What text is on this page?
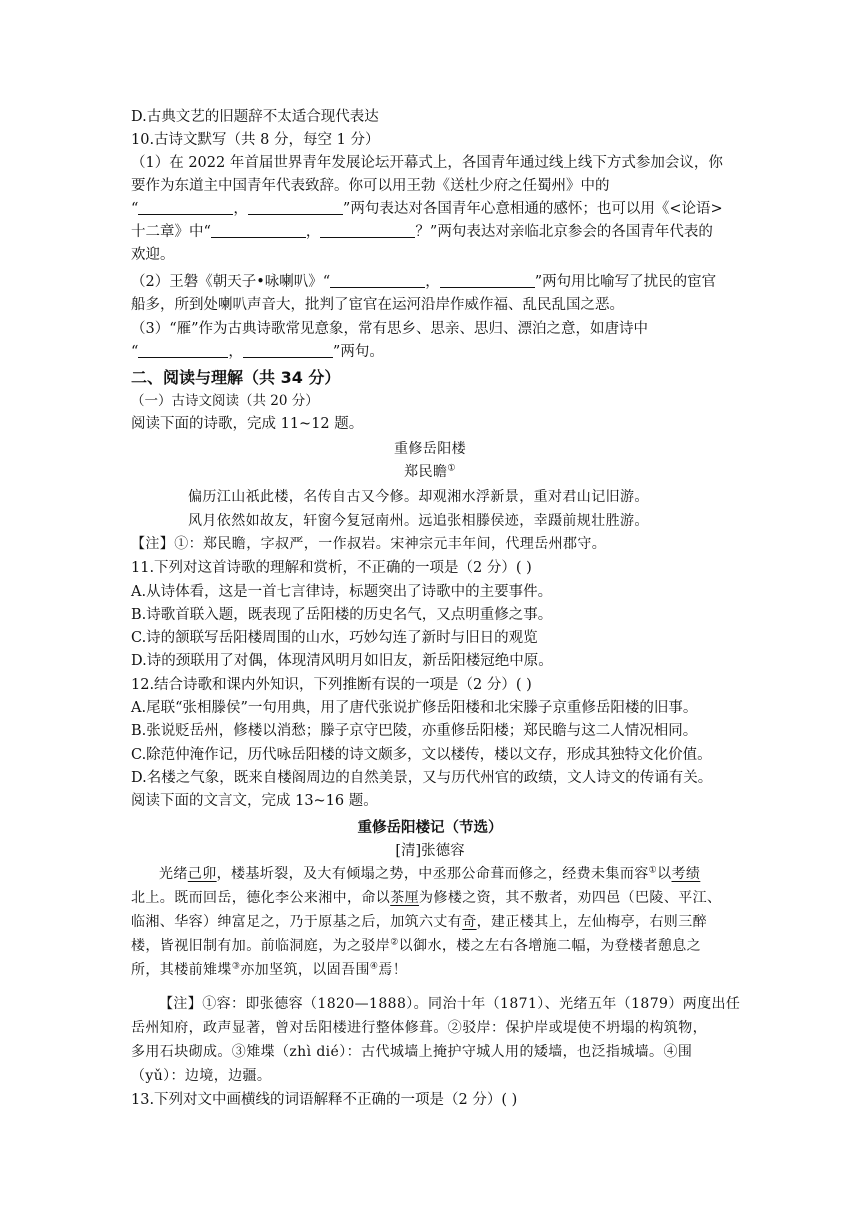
D.古典文艺的旧题辞不太适合现代表达
10.古诗文默写（共 8 分，每空 1 分）
（1）在 2022 年首届世界青年发展论坛开幕式上，各国青年通过线上线下方式参加会议，你
要作为东道主中国青年代表致辞。你可以用王勃《送杜少府之任蜀州》中的
“	，	”两句表达对各国青年心意相通的感怀；也可以用《<论语>
十二章》中“	，	？”两句表达对亲临北京参会的各国青年代表的
欢迎。
（2）王磐《朝天子•咏喇叭》“	，	”两句用比喻写了扰民的宦官
船多，所到处喇叭声音大，批判了宦官在运河沿岸作威作福、乱民乱国之恶。
（3）“雁”作为古典诗歌常见意象，常有思乡、思亲、思归、漂泊之意，如唐诗中
“	，	”两句。
二、阅读与理解（共 34 分）
（一）古诗文阅读（共 20 分）
阅读下面的诗歌，完成 11~12 题。
重修岳阳楼
郑民瞻①
偏历江山祇此楼，名传自古又今修。却观湘水浮新景，重对君山记旧游。
风月依然如故友，轩窗今复冠南州。远追张相滕侯迹，幸蹑前规壮胜游。
【注】①：郑民瞻，字叔严，一作叔岩。宋神宗元丰年间，代理岳州郡守。
11.下列对这首诗歌的理解和赏析，不正确的一项是（2 分）( )
A.从诗体看，这是一首七言律诗，标题突出了诗歌中的主要事件。
B.诗歌首联入题，既表现了岳阳楼的历史名气，又点明重修之事。
C.诗的颔联写岳阳楼周围的山水，巧妙勾连了新时与旧日的观览
D.诗的颈联用了对偶，体现清风明月如旧友，新岳阳楼冠绝中原。
12.结合诗歌和课内外知识，下列推断有误的一项是（2 分）( )
A.尾联“张相滕侯”一句用典，用了唐代张说扩修岳阳楼和北宋滕子京重修岳阳楼的旧事。
B.张说贬岳州，修楼以消愁；滕子京守巴陵，亦重修岳阳楼；郑民瞻与这二人情况相同。
C.除范仲淹作记，历代咏岳阳楼的诗文颇多，文以楼传，楼以文存，形成其独特文化价值。
D.名楼之气象，既来自楼阁周边的自然美景，又与历代州官的政绩，文人诗文的传诵有关。
阅读下面的文言文，完成 13~16 题。
重修岳阳楼记（节选）
[清]张德容
光绪己卯，楼基圻裂，及大有倾塌之势，中丞那公命葺而修之，经费未集而容①以考绩
北上。既而回岳，德化李公来湘中，命以茶厘为修楼之资，其不敷者，劝四邑（巴陵、平江、
临湘、华容）绅富足之，乃于原基之后，加筑六丈有奇，建正楼其上，左仙梅亭，右则三醉
楼，皆视旧制有加。前临洞庭，为之驳岸②以御水，楼之左右各增施二幅，为登楼者憩息之
所，其楼前雉堞③亦加坚筑，以固吾围④焉！
【注】①容：即张德容（1820—1888）。同治十年（1871）、光绪五年（1879）两度出任
岳州知府，政声显著，曾对岳阳楼进行整体修葺。②驳岸：保护岸或堤使不坍塌的构筑物，
多用石块砌成。③雉堞（zhì dié）：古代城墙上掩护守城人用的矮墙，也泛指城墙。④围
（yǔ）：边境，边疆。
13.下列对文中画横线的词语解释不正确的一项是（2 分）( )
